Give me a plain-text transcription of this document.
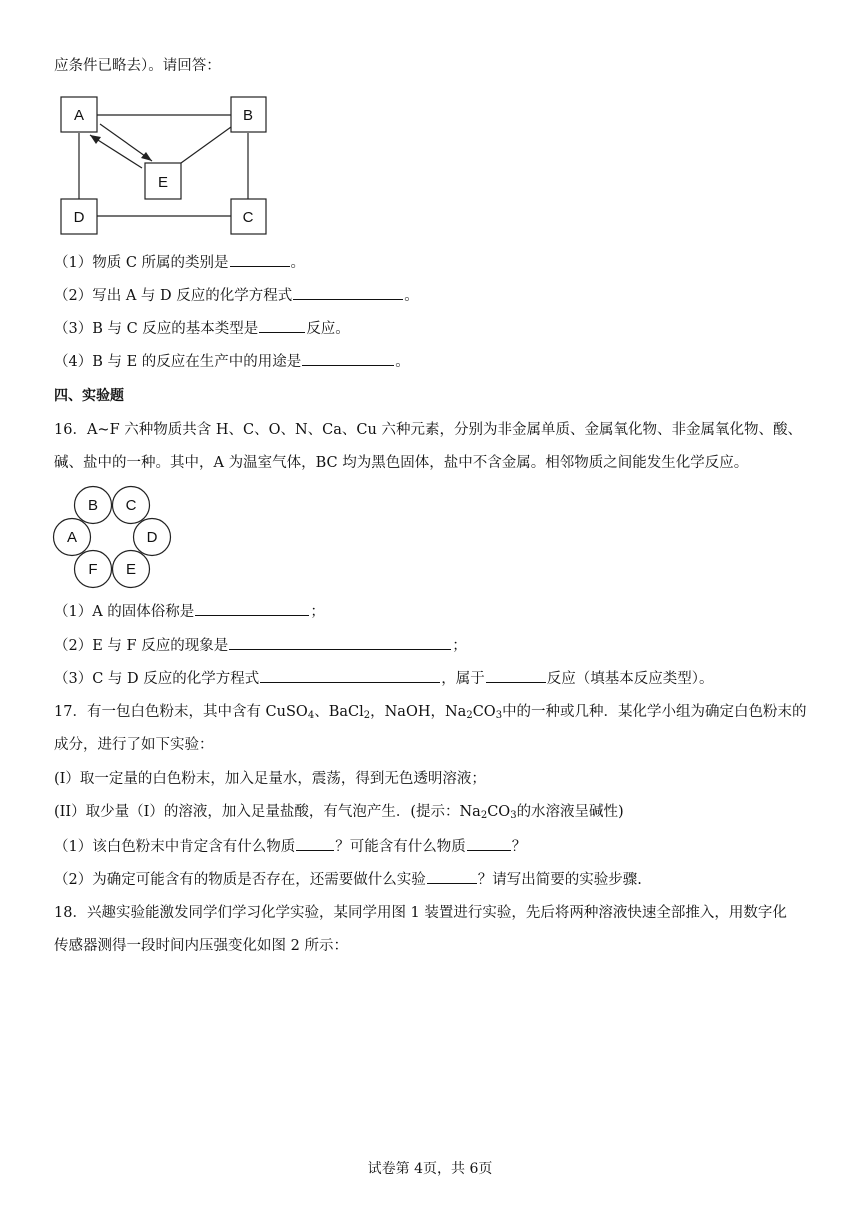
应条件已略去）。请回答：
A	B
E
D	C
（1）物质 C 所属的类别是	。
（2）写出 A 与 D 反应的化学方程式	。
（3）B 与 C 反应的基本类型是	反应。
（4）B 与 E 的反应在生产中的用途是	。
四、实验题
16．A~F 六种物质共含 H、C、O、N、Ca、Cu 六种元素，分别为非金属单质、金属氧化物、非金属氧化物、酸、
碱、盐中的一种。其中，A 为温室气体，BC 均为黑色固体，盐中不含金属。相邻物质之间能发生化学反应。
B C
A	D
F E
（1）A 的固体俗称是	；
（2）E 与 F 反应的现象是	；
（3）C 与 D 反应的化学方程式	，属于	反应（填基本反应类型）。
17．有一包白色粉末，其中含有 CuSO$_4$、BaCl$_2$，NaOH，$Na_2CO_3$中的一种或几种．某化学小组为确定白色粉末的
成分，进行了如下实验：
(I）取一定量的白色粉末，加入足量水，震荡，得到无色透明溶液；
(II）取少量（I）的溶液，加入足量盐酸，有气泡产生．(提示：$Na_2CO_3$的水溶液呈碱性)
（1）该白色粉末中肯定含有什么物质	？可能含有什么物质	？
（2）为确定可能含有的物质是否存在，还需要做什么实验	？请写出简要的实验步骤.
18．兴趣实验能激发同学们学习化学实验，某同学用图 1 装置进行实验，先后将两种溶液快速全部推入，用数字化
传感器测得一段时间内压强变化如图 2 所示：
试卷第 4页，共 6页
